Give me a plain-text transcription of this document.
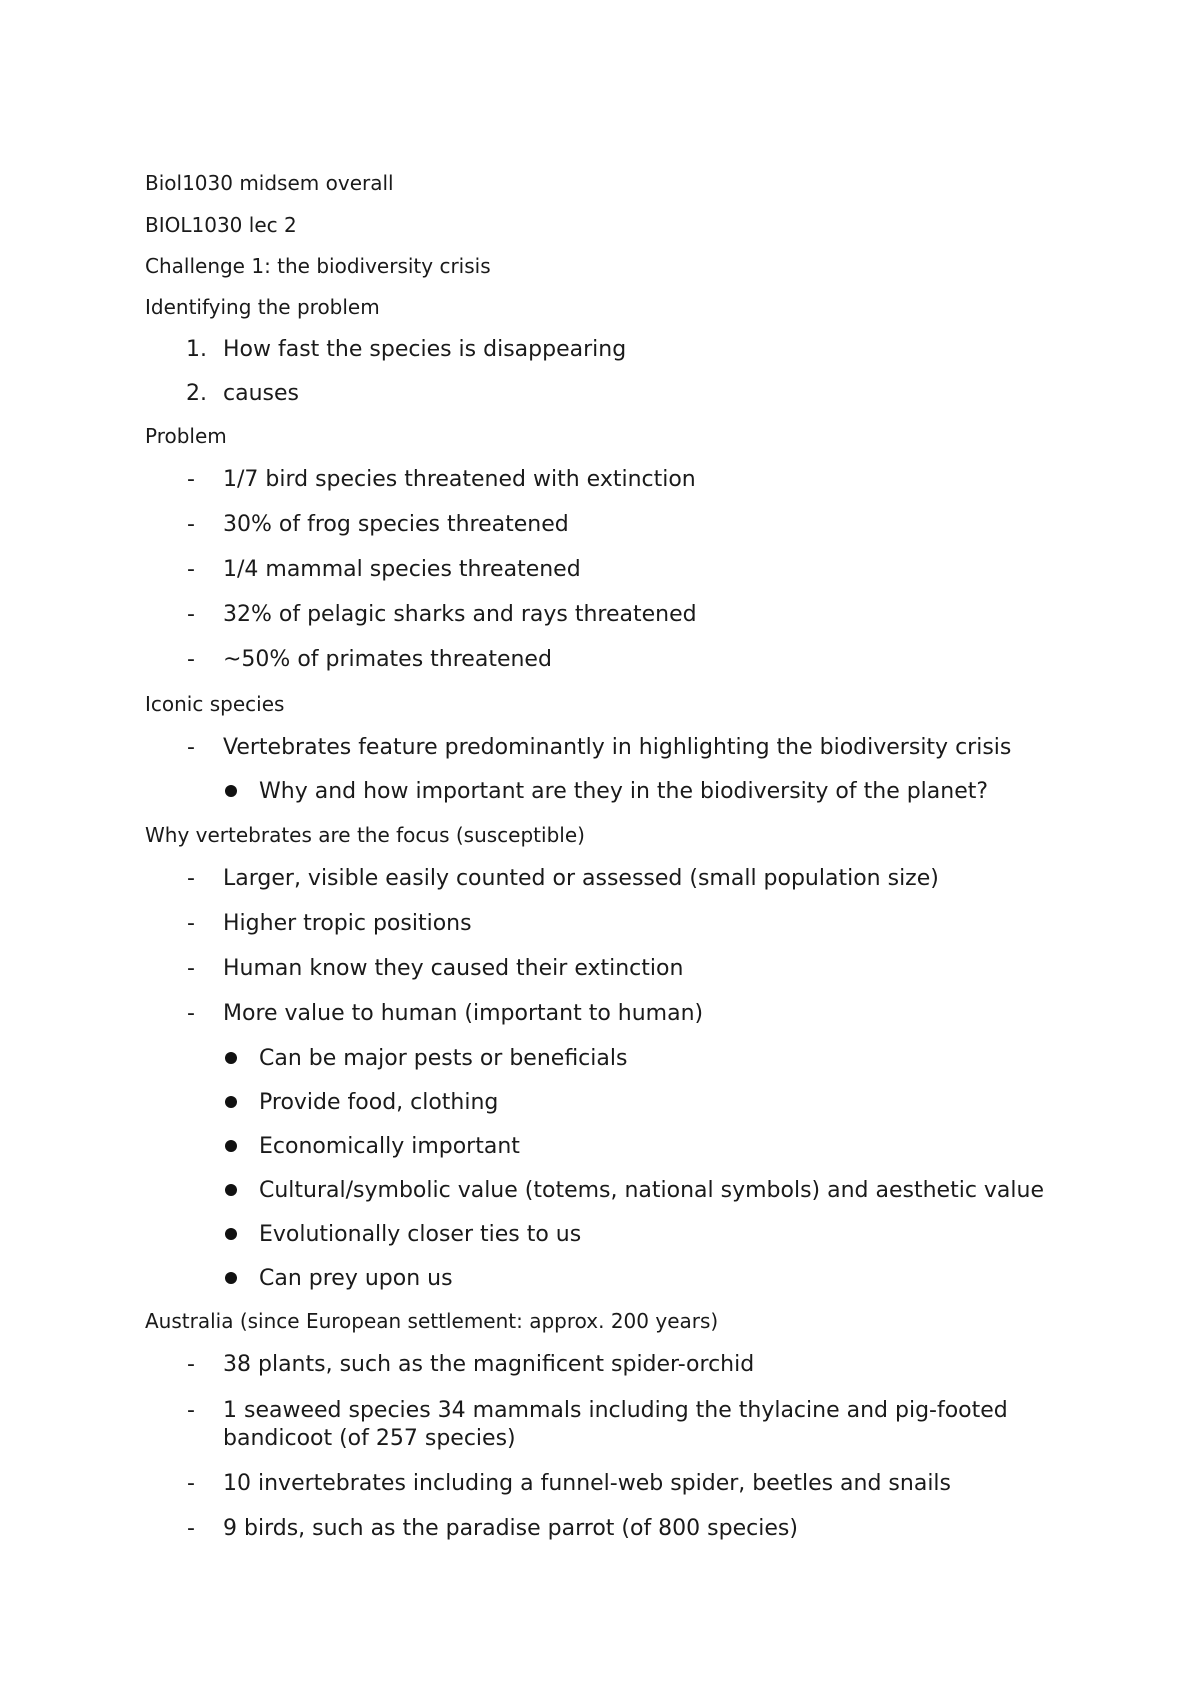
Biol1030 midsem overall
BIOL1030 lec 2
Challenge 1: the biodiversity crisis
Identifying the problem
1. How fast the species is disappearing
2. causes
Problem
- 1/7 bird species threatened with extinction
- 30% of frog species threatened
- 1/4 mammal species threatened
- 32% of pelagic sharks and rays threatened
- ~50% of primates threatened
Iconic species
- Vertebrates feature predominantly in highlighting the biodiversity crisis
Why and how important are they in the biodiversity of the planet?
Why vertebrates are the focus (susceptible)
- Larger, visible easily counted or assessed (small population size)
- Higher tropic positions
- Human know they caused their extinction
- More value to human (important to human)
Can be major pests or beneficials
Provide food, clothing
Economically important
Cultural/symbolic value (totems, national symbols) and aesthetic value
Evolutionally closer ties to us
Can prey upon us
Australia (since European settlement: approx. 200 years)
- 38 plants, such as the magnificent spider-orchid
- 1 seaweed species 34 mammals including the thylacine and pig-footed
bandicoot (of 257 species)
- 10 invertebrates including a funnel-web spider, beetles and snails
- 9 birds, such as the paradise parrot (of 800 species)
